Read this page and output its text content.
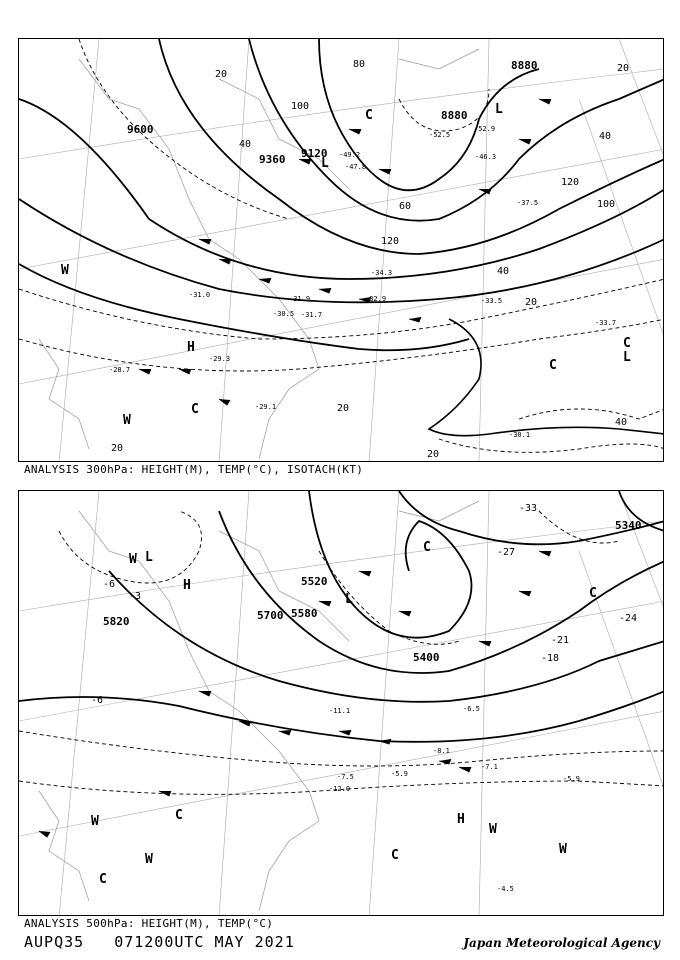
9600
9360 9120
8880
8880
20
40
60
80
100
120
40
20
20
40
100
120
20
40
20
20
-29.3
-31.0
-31.7
-31.9
-30.5
-32.9	-33.5
-34.3
-33.7
-30.1
-52.5
-52.9
-49.2
-47.8
-46.3
-37.5
-28.7
-29.1
H
L
L
C
W
W
C
C
C
L
ANALYSIS 300hPa: HEIGHT(M), TEMP(°C), ISOTACH(KT)
5820
5520
5700 5580
5400
5340
-6
-3
-27
-24
-21
-18
-6
-8.1
-7.5	-5.9
-7.1
-4.5
-5.9
-6.5
-11.1
-12.0
-33
L
W
H
L
C
C
W	C	H
W
C	W
C
W
ANALYSIS 500hPa: HEIGHT(M), TEMP(°C)
AUPQ35 071200UTC MAY 2021	Japan Meteorological Agency
